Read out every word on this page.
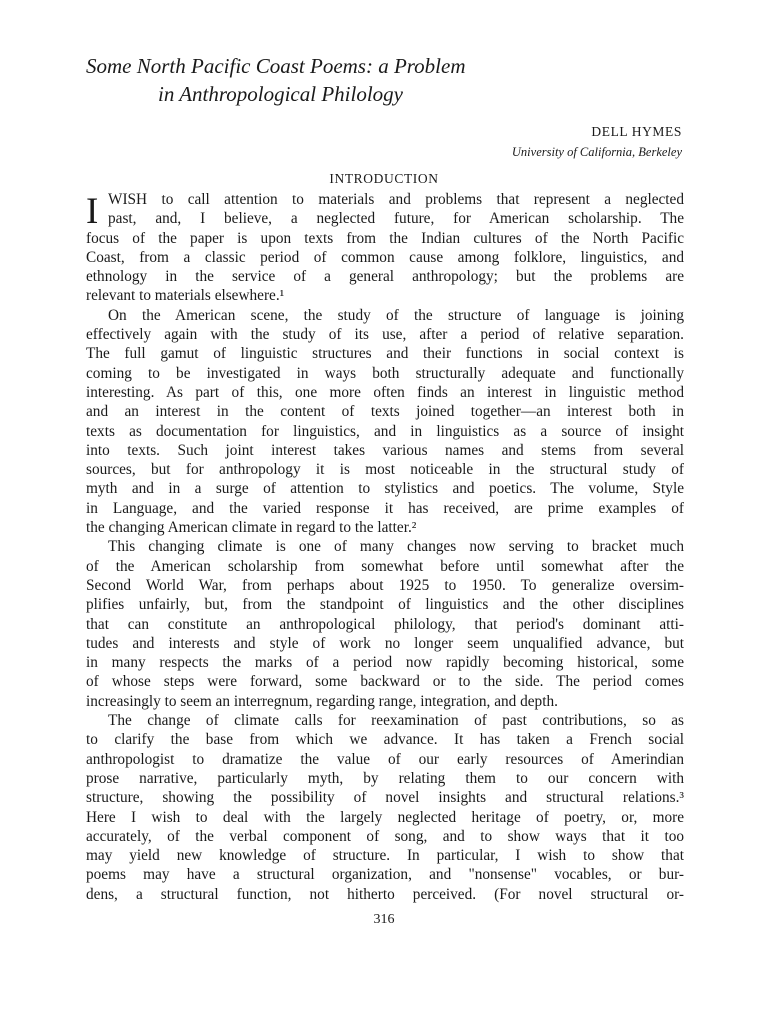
Some North Pacific Coast Poems: a Problem
in Anthropological Philology
DELL HYMES
University of California, Berkeley
INTRODUCTION
I WISH to call attention to materials and problems that represent a neglected
past, and, I believe, a neglected future, for American scholarship. The
focus of the paper is upon texts from the Indian cultures of the North Pacific
Coast, from a classic period of common cause among folklore, linguistics, and
ethnology in the service of a general anthropology; but the problems are
relevant to materials elsewhere.¹
On the American scene, the study of the structure of language is joining
effectively again with the study of its use, after a period of relative separation.
The full gamut of linguistic structures and their functions in social context is
coming to be investigated in ways both structurally adequate and functionally
interesting. As part of this, one more often finds an interest in linguistic method
and an interest in the content of texts joined together—an interest both in
texts as documentation for linguistics, and in linguistics as a source of insight
into texts. Such joint interest takes various names and stems from several
sources, but for anthropology it is most noticeable in the structural study of
myth and in a surge of attention to stylistics and poetics. The volume, Style
in Language, and the varied response it has received, are prime examples of
the changing American climate in regard to the latter.²
This changing climate is one of many changes now serving to bracket much
of the American scholarship from somewhat before until somewhat after the
Second World War, from perhaps about 1925 to 1950. To generalize oversim-
plifies unfairly, but, from the standpoint of linguistics and the other disciplines
that can constitute an anthropological philology, that period's dominant atti-
tudes and interests and style of work no longer seem unqualified advance, but
in many respects the marks of a period now rapidly becoming historical, some
of whose steps were forward, some backward or to the side. The period comes
increasingly to seem an interregnum, regarding range, integration, and depth.
The change of climate calls for reexamination of past contributions, so as
to clarify the base from which we advance. It has taken a French social
anthropologist to dramatize the value of our early resources of Amerindian
prose narrative, particularly myth, by relating them to our concern with
structure, showing the possibility of novel insights and structural relations.³
Here I wish to deal with the largely neglected heritage of poetry, or, more
accurately, of the verbal component of song, and to show ways that it too
may yield new knowledge of structure. In particular, I wish to show that
poems may have a structural organization, and "nonsense" vocables, or bur-
dens, a structural function, not hitherto perceived. (For novel structural or-
316
